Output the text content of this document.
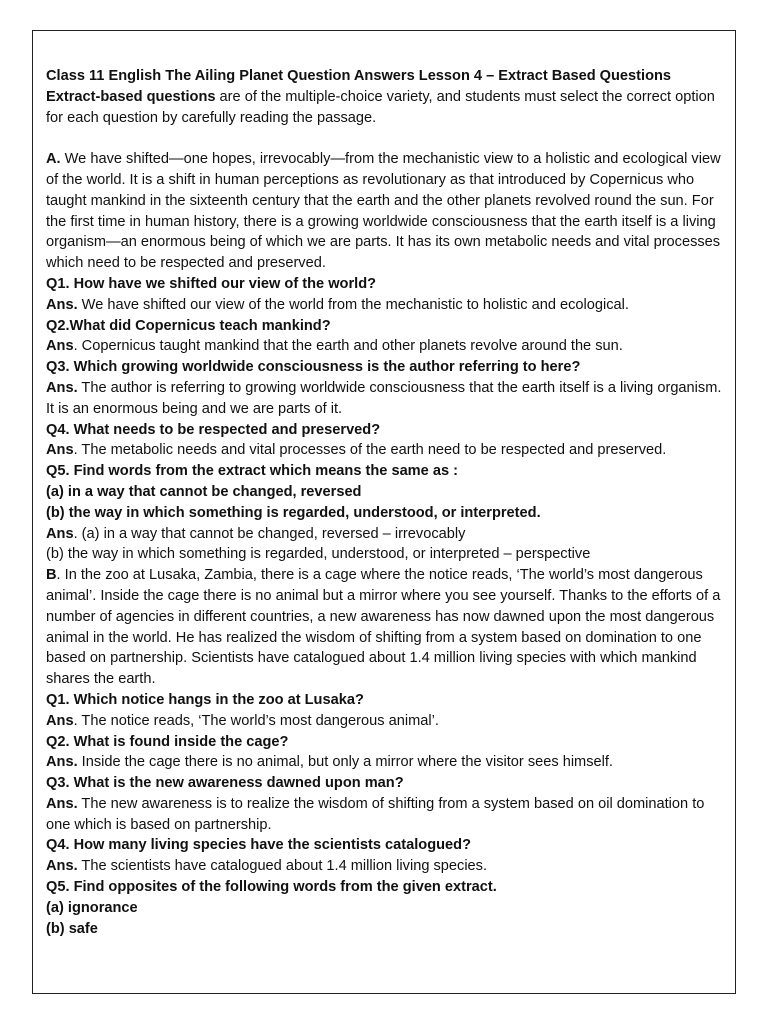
Class 11 English The Ailing Planet Question Answers Lesson 4 – Extract Based Questions

Extract-based questions are of the multiple-choice variety, and students must select the correct option for each question by carefully reading the passage.

A. We have shifted—one hopes, irrevocably—from the mechanistic view to a holistic and ecological view of the world. It is a shift in human perceptions as revolutionary as that introduced by Copernicus who taught mankind in the sixteenth century that the earth and the other planets revolved round the sun. For the first time in human history, there is a growing worldwide consciousness that the earth itself is a living organism—an enormous being of which we are parts. It has its own metabolic needs and vital processes which need to be respected and preserved.

Q1. How have we shifted our view of the world?

Ans. We have shifted our view of the world from the mechanistic to holistic and ecological.

Q2.What did Copernicus teach mankind?

Ans. Copernicus taught mankind that the earth and other planets revolve around the sun.

Q3. Which growing worldwide consciousness is the author referring to here?

Ans. The author is referring to growing worldwide consciousness that the earth itself is a living organism. It is an enormous being and we are parts of it.

Q4. What needs to be respected and preserved?

Ans. The metabolic needs and vital processes of the earth need to be respected and preserved.

Q5. Find words from the extract which means the same as :

(a) in a way that cannot be changed, reversed

(b) the way in which something is regarded, understood, or interpreted.

Ans. (a) in a way that cannot be changed, reversed – irrevocably

(b) the way in which something is regarded, understood, or interpreted – perspective

B. In the zoo at Lusaka, Zambia, there is a cage where the notice reads, ‘The world’s most dangerous animal’. Inside the cage there is no animal but a mirror where you see yourself. Thanks to the efforts of a number of agencies in different countries, a new awareness has now dawned upon the most dangerous animal in the world. He has realized the wisdom of shifting from a system based on domination to one based on partnership. Scientists have catalogued about 1.4 million living species with which mankind shares the earth.

Q1. Which notice hangs in the zoo at Lusaka?

Ans. The notice reads, ‘The world’s most dangerous animal’.

Q2. What is found inside the cage?

Ans. Inside the cage there is no animal, but only a mirror where the visitor sees himself.

Q3. What is the new awareness dawned upon man?

Ans. The new awareness is to realize the wisdom of shifting from a system based on oil domination to one which is based on partnership.

Q4. How many living species have the scientists catalogued?

Ans. The scientists have catalogued about 1.4 million living species.

Q5. Find opposites of the following words from the given extract.

(a) ignorance

(b) safe
